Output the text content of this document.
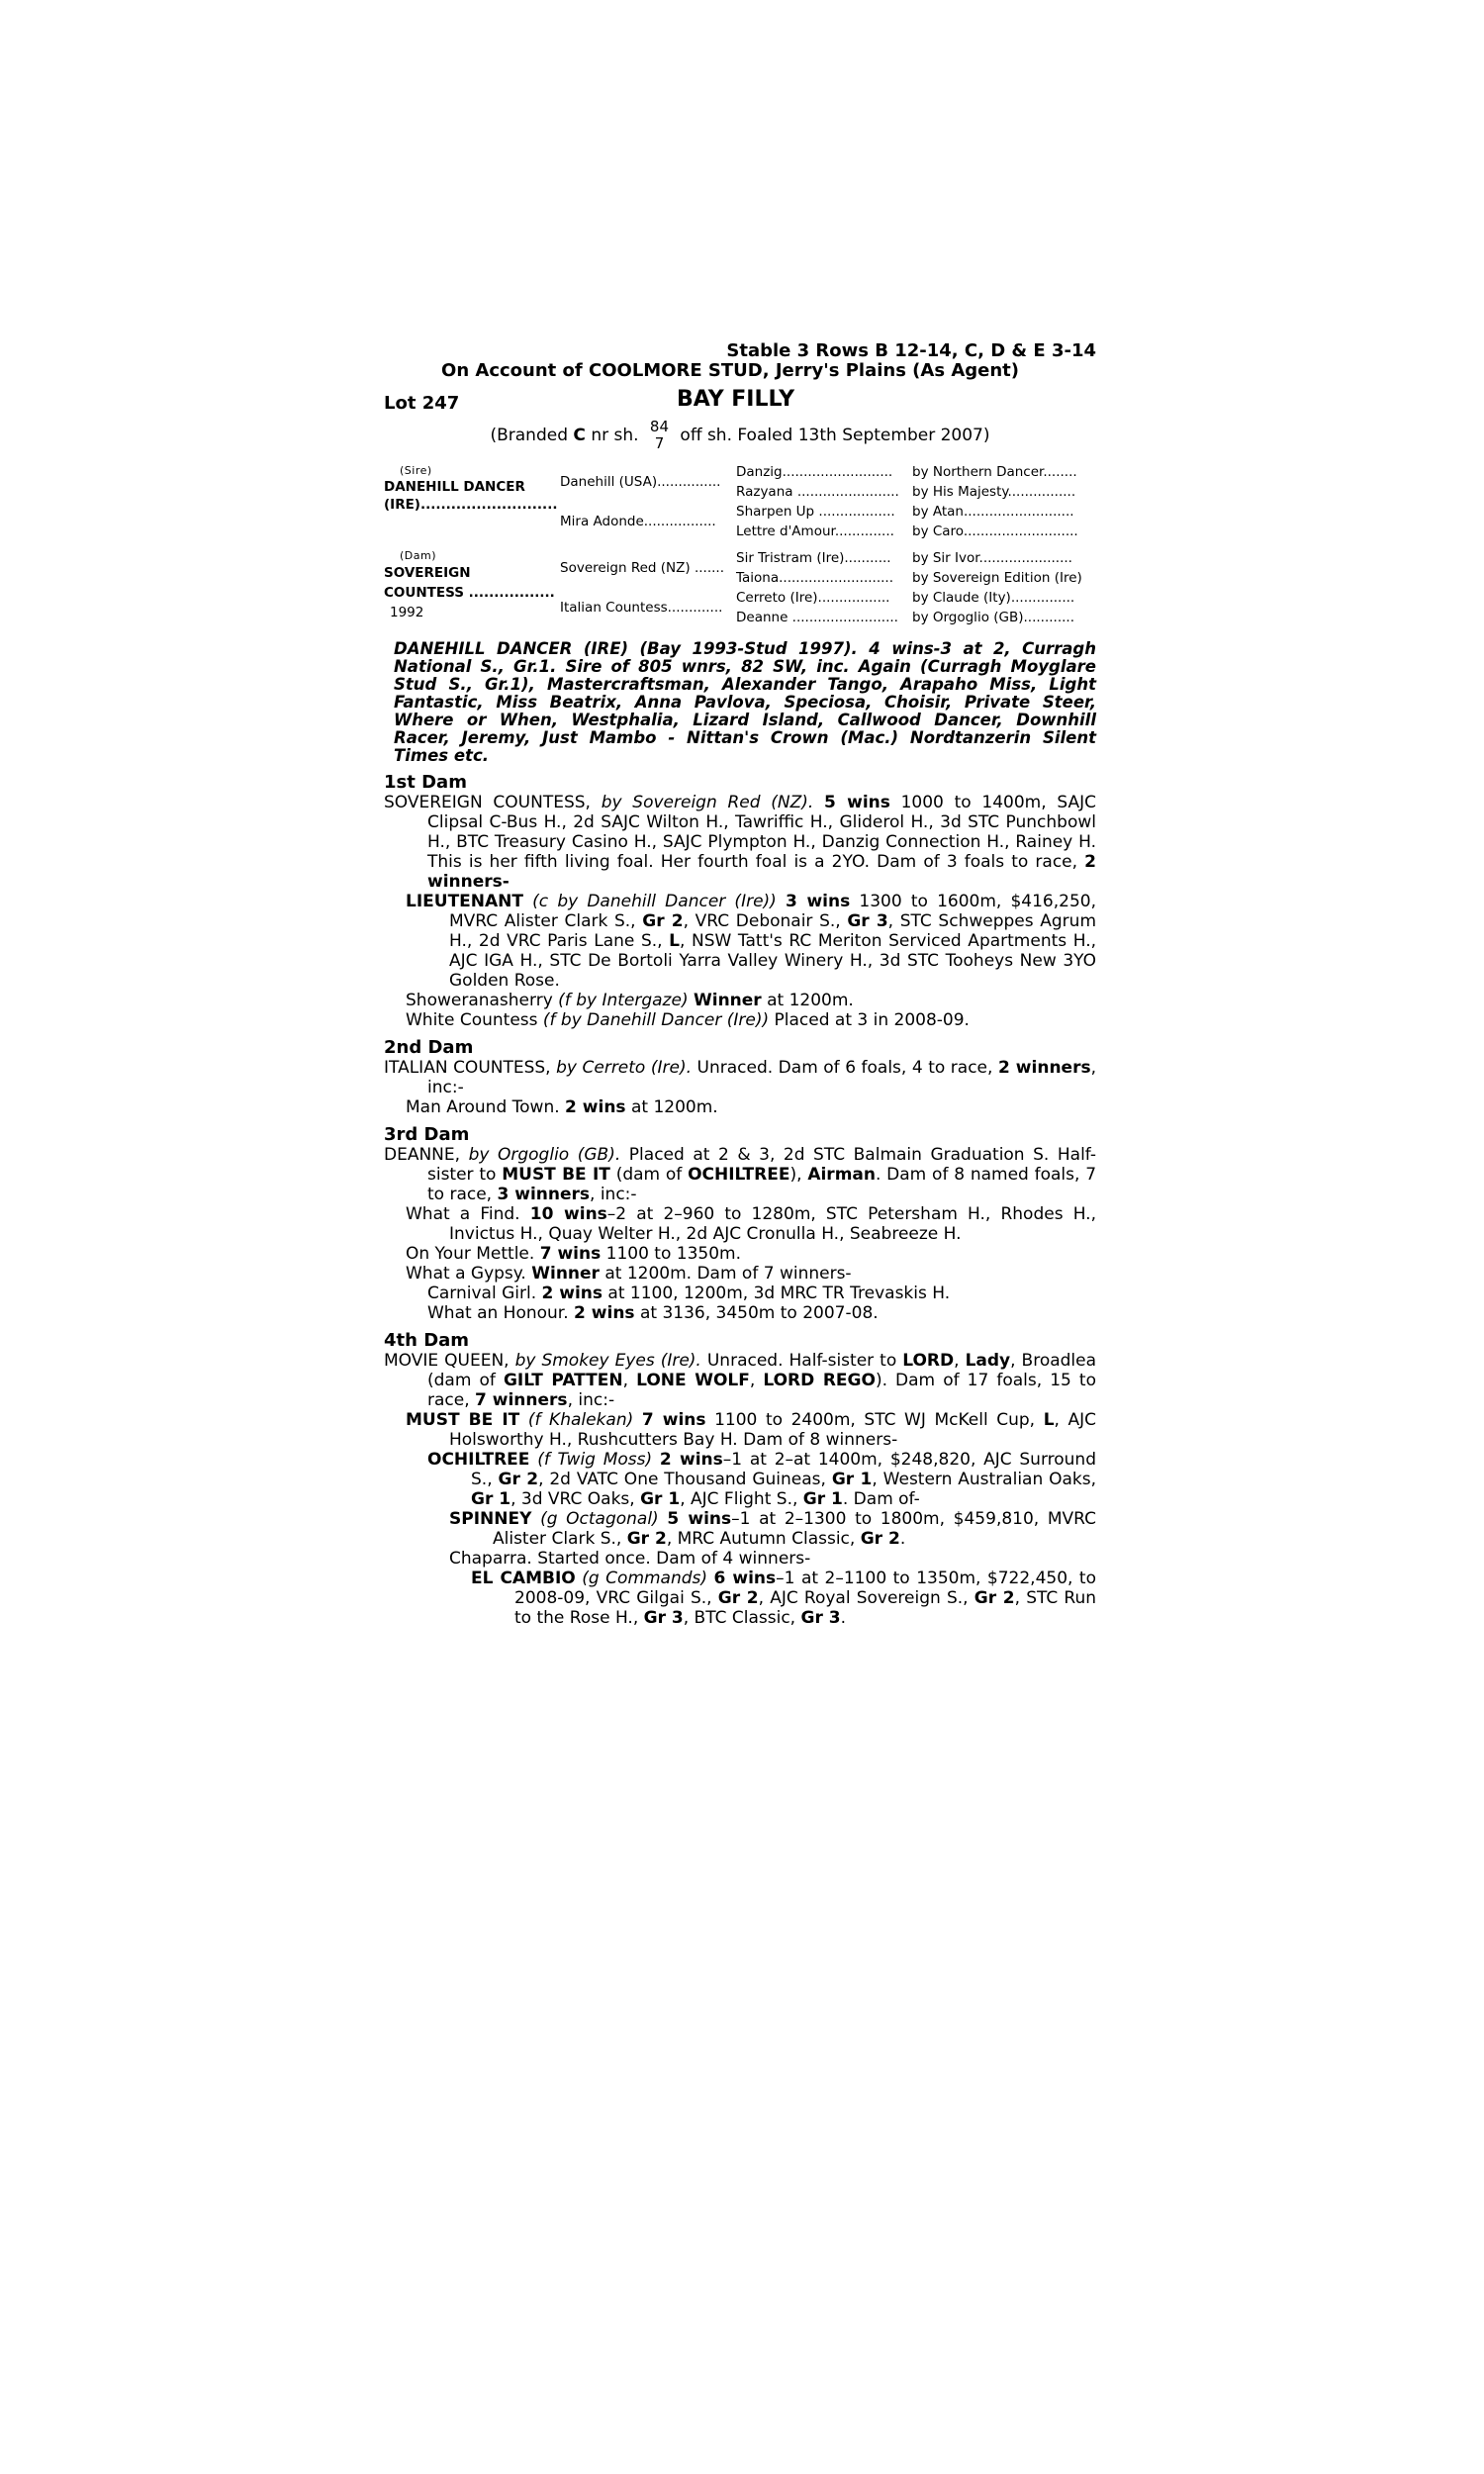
Stable 3 Rows B 12-14, C, D & E 3-14
On Account of COOLMORE STUD, Jerry's Plains (As Agent)
Lot 247	BAY FILLY
(Branded C nr sh. 84
7 off sh. Foaled 13th September 2007)
(Sire)
DANEHILL DANCER
(IRE)...........................
(Dam)
SOVEREIGN
COUNTESS .................
1992
Danehill (USA)...............
Mira Adonde.................
Sovereign Red (NZ) .......
Italian Countess.............
Danzig..........................
Razyana ........................
Sharpen Up ..................
Lettre d'Amour..............
Sir Tristram (Ire)...........
Taiona...........................
Cerreto (Ire).................
Deanne .........................
by Northern Dancer........
by His Majesty................
by Atan..........................
by Caro...........................
by Sir Ivor......................
by Sovereign Edition (Ire)
by Claude (Ity)...............
by Orgoglio (GB)............
DANEHILL DANCER (IRE) (Bay 1993-Stud 1997). 4 wins-3 at 2, Curragh National S., Gr.1. Sire of 805 wnrs, 82 SW, inc. Again (Curragh Moyglare Stud S., Gr.1), Mastercraftsman, Alexander Tango, Arapaho Miss, Light Fantastic, Miss Beatrix, Anna Pavlova, Speciosa, Choisir, Private Steer, Where or When, Westphalia, Lizard Island, Callwood Dancer, Downhill Racer, Jeremy, Just Mambo - Nittan's Crown (Mac.) Nordtanzerin Silent Times etc.
1st Dam
SOVEREIGN COUNTESS, by Sovereign Red (NZ). 5 wins 1000 to 1400m, SAJC Clipsal C-Bus H., 2d SAJC Wilton H., Tawriffic H., Gliderol H., 3d STC Punchbowl H., BTC Treasury Casino H., SAJC Plympton H., Danzig Connection H., Rainey H. This is her fifth living foal. Her fourth foal is a 2YO. Dam of 3 foals to race, 2 winners-
LIEUTENANT (c by Danehill Dancer (Ire)) 3 wins 1300 to 1600m, $416,250, MVRC Alister Clark S., Gr 2, VRC Debonair S., Gr 3, STC Schweppes Agrum H., 2d VRC Paris Lane S., L, NSW Tatt's RC Meriton Serviced Apartments H., AJC IGA H., STC De Bortoli Yarra Valley Winery H., 3d STC Tooheys New 3YO Golden Rose.
Showeranasherry (f by Intergaze) Winner at 1200m.
White Countess (f by Danehill Dancer (Ire)) Placed at 3 in 2008-09.
2nd Dam
ITALIAN COUNTESS, by Cerreto (Ire). Unraced. Dam of 6 foals, 4 to race, 2 winners, inc:-
Man Around Town. 2 wins at 1200m.
3rd Dam
DEANNE, by Orgoglio (GB). Placed at 2 & 3, 2d STC Balmain Graduation S. Half-sister to MUST BE IT (dam of OCHILTREE), Airman. Dam of 8 named foals, 7 to race, 3 winners, inc:-
What a Find. 10 wins–2 at 2–960 to 1280m, STC Petersham H., Rhodes H., Invictus H., Quay Welter H., 2d AJC Cronulla H., Seabreeze H.
On Your Mettle. 7 wins 1100 to 1350m.
What a Gypsy. Winner at 1200m. Dam of 7 winners-
Carnival Girl. 2 wins at 1100, 1200m, 3d MRC TR Trevaskis H.
What an Honour. 2 wins at 3136, 3450m to 2007-08.
4th Dam
MOVIE QUEEN, by Smokey Eyes (Ire). Unraced. Half-sister to LORD, Lady, Broadlea (dam of GILT PATTEN, LONE WOLF, LORD REGO). Dam of 17 foals, 15 to race, 7 winners, inc:-
MUST BE IT (f Khalekan) 7 wins 1100 to 2400m, STC WJ McKell Cup, L, AJC Holsworthy H., Rushcutters Bay H. Dam of 8 winners-
OCHILTREE (f Twig Moss) 2 wins–1 at 2–at 1400m, $248,820, AJC Surround S., Gr 2, 2d VATC One Thousand Guineas, Gr 1, Western Australian Oaks, Gr 1, 3d VRC Oaks, Gr 1, AJC Flight S., Gr 1. Dam of-
SPINNEY (g Octagonal) 5 wins–1 at 2–1300 to 1800m, $459,810, MVRC Alister Clark S., Gr 2, MRC Autumn Classic, Gr 2.
Chaparra. Started once. Dam of 4 winners-
EL CAMBIO (g Commands) 6 wins–1 at 2–1100 to 1350m, $722,450, to 2008-09, VRC Gilgai S., Gr 2, AJC Royal Sovereign S., Gr 2, STC Run to the Rose H., Gr 3, BTC Classic, Gr 3.
